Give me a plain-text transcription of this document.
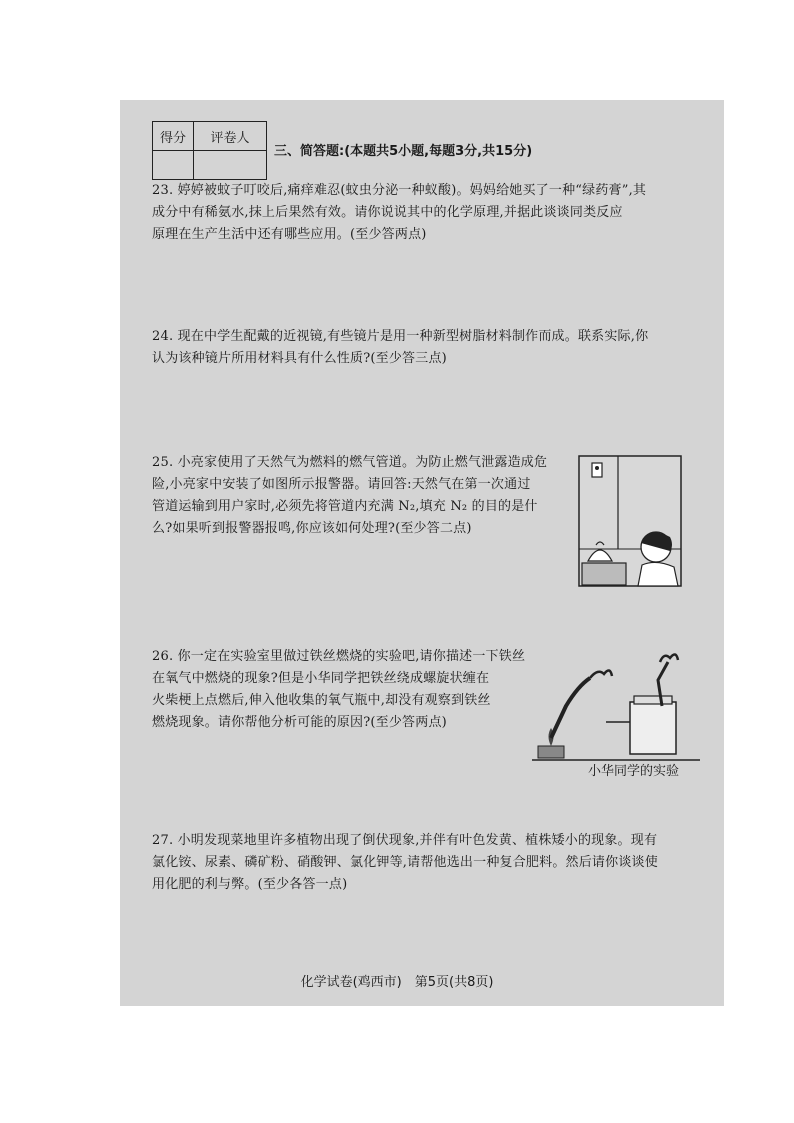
得分	评卷人

三、简答题:(本题共5小题,每题3分,共15分)

23. 婷婷被蚊子叮咬后,痛痒难忍(蚊虫分泌一种蚁酸)。妈妈给她买了一种“绿药膏”,其

成分中有稀氨水,抹上后果然有效。请你说说其中的化学原理,并据此谈谈同类反应

原理在生产生活中还有哪些应用。(至少答两点)

24. 现在中学生配戴的近视镜,有些镜片是用一种新型树脂材料制作而成。联系实际,你

认为该种镜片所用材料具有什么性质?(至少答三点)

25. 小亮家使用了天然气为燃料的燃气管道。为防止燃气泄露造成危

险,小亮家中安装了如图所示报警器。请回答:天然气在第一次通过

管道运输到用户家时,必须先将管道内充满 N₂,填充 N₂ 的目的是什

么?如果听到报警器报鸣,你应该如何处理?(至少答二点)

26. 你一定在实验室里做过铁丝燃烧的实验吧,请你描述一下铁丝

在氧气中燃烧的现象?但是小华同学把铁丝绕成螺旋状缠在

火柴梗上点燃后,伸入他收集的氧气瓶中,却没有观察到铁丝

燃烧现象。请你帮他分析可能的原因?(至少答两点)

小华同学的实验

27. 小明发现菜地里许多植物出现了倒伏现象,并伴有叶色发黄、植株矮小的现象。现有

氯化铵、尿素、磷矿粉、硝酸钾、氯化钾等,请帮他选出一种复合肥料。然后请你谈谈使

用化肥的利与弊。(至少各答一点)

化学试卷(鸡西市)　第5页(共8页)
